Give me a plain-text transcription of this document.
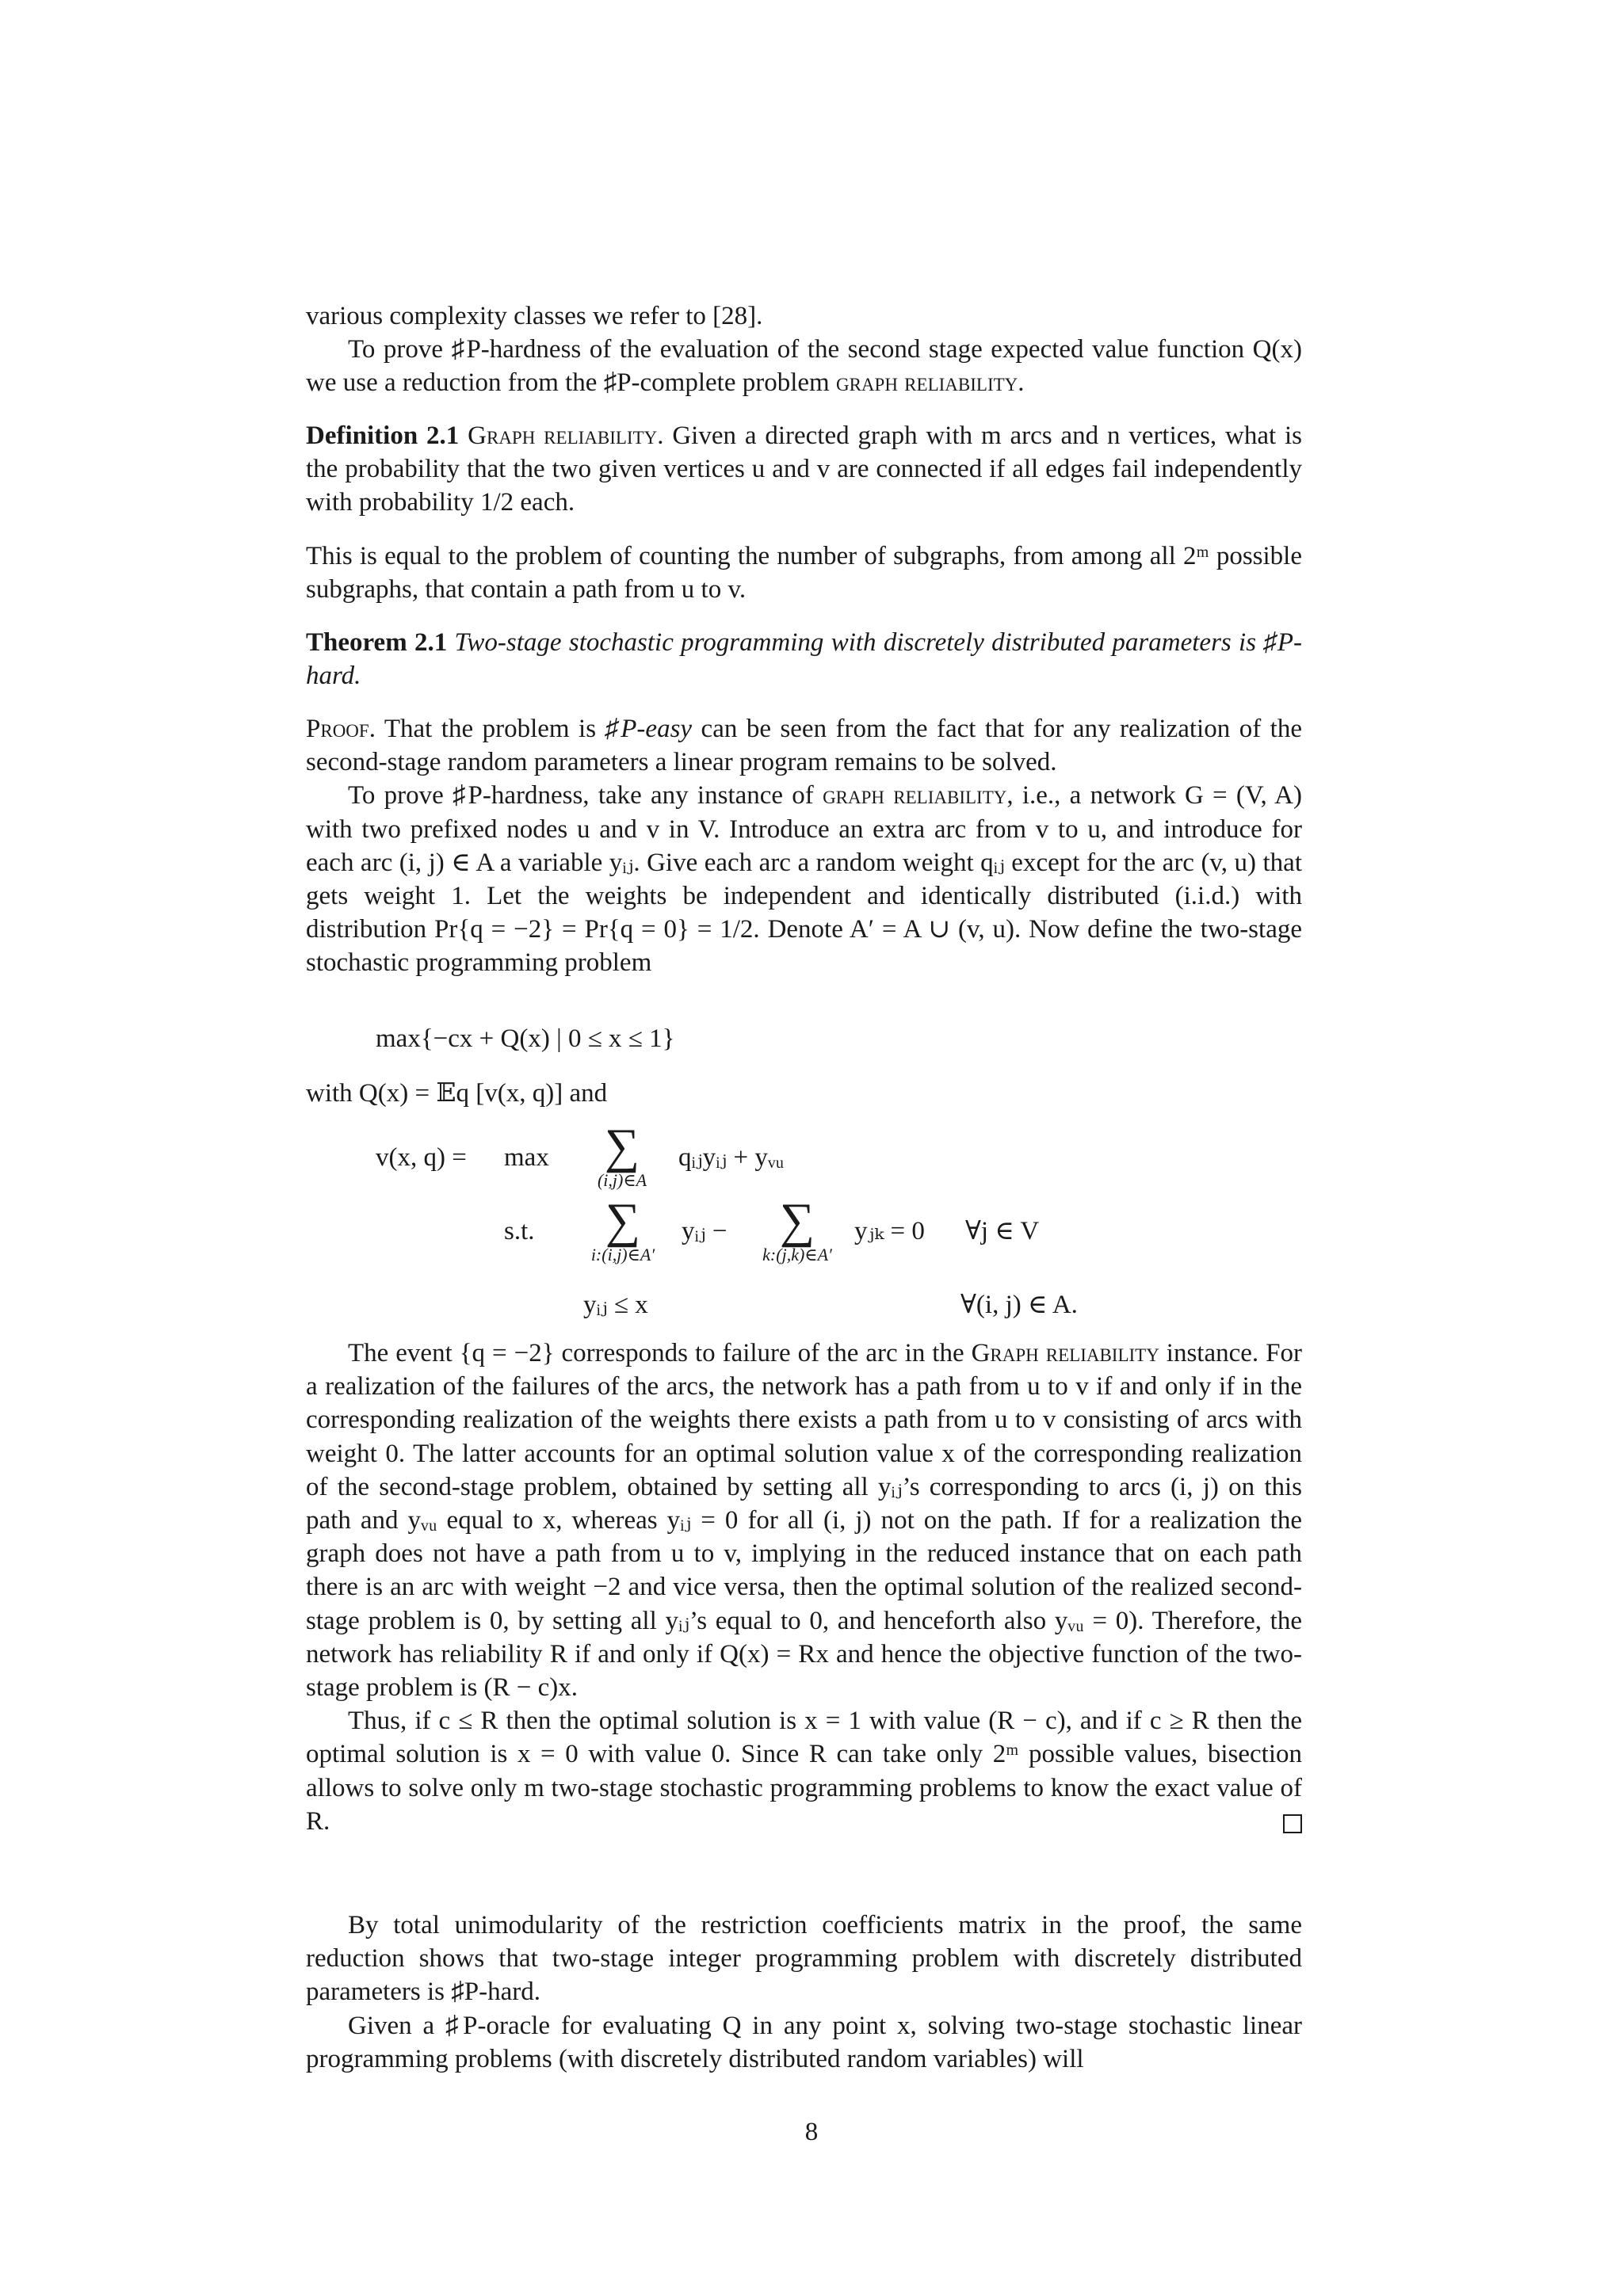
various complexity classes we refer to [28].

To prove ♯P-hardness of the evaluation of the second stage expected value function Q(x) we use a reduction from the ♯P-complete problem graph reliability.

Definition 2.1 Graph reliability. Given a directed graph with m arcs and n vertices, what is the probability that the two given vertices u and v are connected if all edges fail independently with probability 1/2 each.

This is equal to the problem of counting the number of subgraphs, from among all 2ᵐ possible subgraphs, that contain a path from u to v.

Theorem 2.1 Two-stage stochastic programming with discretely distributed parameters is ♯P-hard.

Proof. That the problem is ♯P-easy can be seen from the fact that for any realization of the second-stage random parameters a linear program remains to be solved.

To prove ♯P-hardness, take any instance of graph reliability, i.e., a network G = (V, A) with two prefixed nodes u and v in V. Introduce an extra arc from v to u, and introduce for each arc (i, j) ∈ A a variable yᵢⱼ. Give each arc a random weight qᵢⱼ except for the arc (v, u) that gets weight 1. Let the weights be independent and identically distributed (i.i.d.) with distribution Pr{q = −2} = Pr{q = 0} = 1/2. Denote A′ = A ∪ (v, u). Now define the two-stage stochastic programming problem

max{−cx + Q(x) | 0 ≤ x ≤ 1}
with Q(x) = 𝔼q [v(x, q)] and
v(x, q) = max	∑
(i,j)∈A
qᵢⱼyᵢⱼ + yᵥᵤ
s.t.	∑
i:(i,j)∈A′
yᵢⱼ −	∑
k:(j,k)∈A′
yⱼₖ = 0 ∀j ∈ V
yᵢⱼ ≤ x	∀(i, j) ∈ A.

The event {q = −2} corresponds to failure of the arc in the Graph reliability instance. For a realization of the failures of the arcs, the network has a path from u to v if and only if in the corresponding realization of the weights there exists a path from u to v consisting of arcs with weight 0. The latter accounts for an optimal solution value x of the corresponding realization of the second-stage problem, obtained by setting all yᵢⱼ’s corresponding to arcs (i, j) on this path and yᵥᵤ equal to x, whereas yᵢⱼ = 0 for all (i, j) not on the path. If for a realization the graph does not have a path from u to v, implying in the reduced instance that on each path there is an arc with weight −2 and vice versa, then the optimal solution of the realized second-stage problem is 0, by setting all yᵢⱼ’s equal to 0, and henceforth also yᵥᵤ = 0). Therefore, the network has reliability R if and only if Q(x) = Rx and hence the objective function of the two-stage problem is (R − c)x.

Thus, if c ≤ R then the optimal solution is x = 1 with value (R − c), and if c ≥ R then the optimal solution is x = 0 with value 0. Since R can take only 2ᵐ possible values, bisection allows to solve only m two-stage stochastic programming problems to know the exact value of R.

By total unimodularity of the restriction coefficients matrix in the proof, the same reduction shows that two-stage integer programming problem with discretely distributed parameters is ♯P-hard.

Given a ♯P-oracle for evaluating Q in any point x, solving two-stage stochastic linear programming problems (with discretely distributed random variables) will

8
